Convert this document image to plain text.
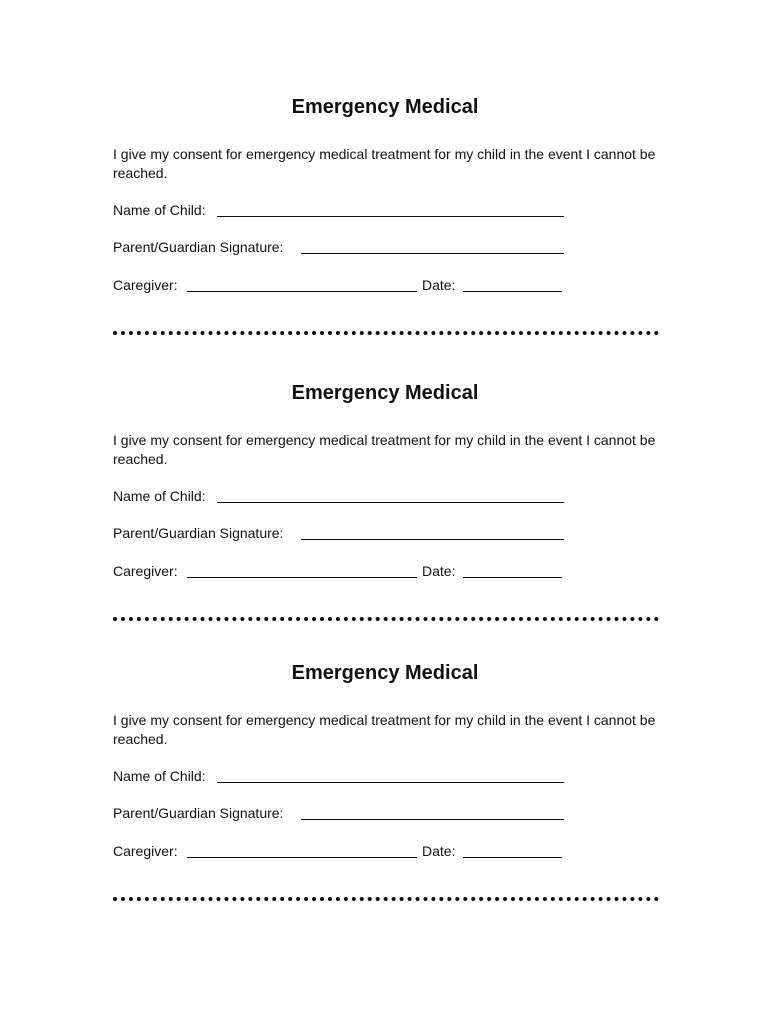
Emergency Medical

I give my consent for emergency medical treatment for my child in the event I cannot be reached.

Name of Child:
Parent/Guardian Signature:
Caregiver:	Date:
Emergency Medical

I give my consent for emergency medical treatment for my child in the event I cannot be reached.

Name of Child:
Parent/Guardian Signature:
Caregiver:	Date:
Emergency Medical

I give my consent for emergency medical treatment for my child in the event I cannot be reached.

Name of Child:
Parent/Guardian Signature:
Caregiver:	Date:
